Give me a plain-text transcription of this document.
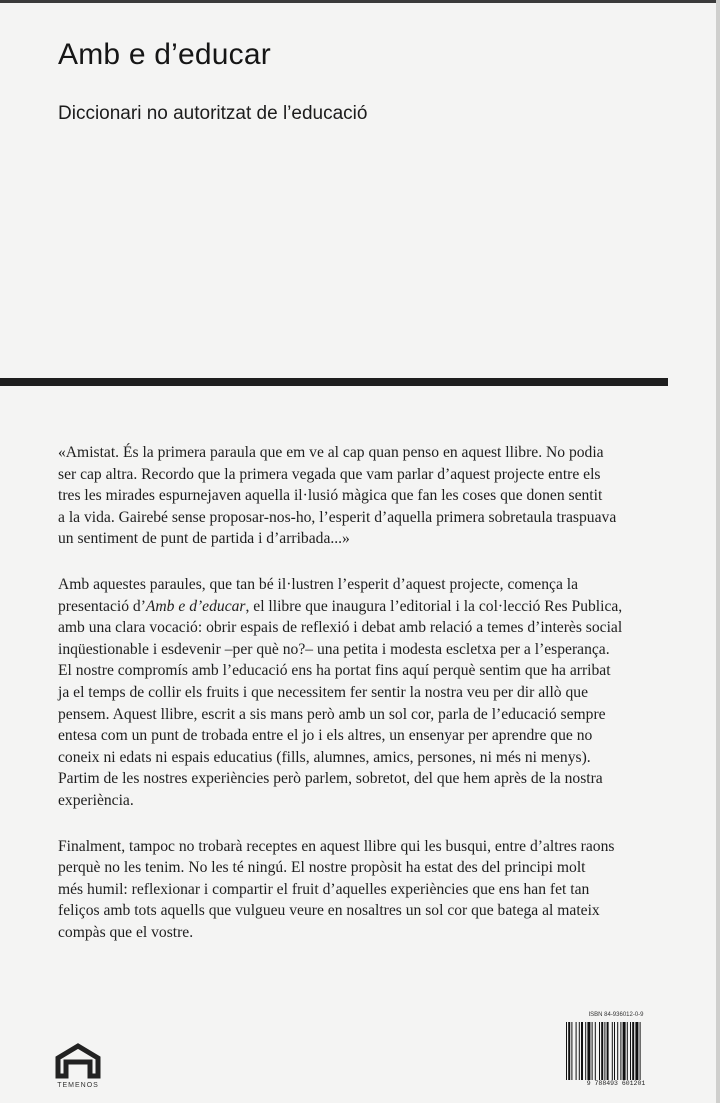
Amb e d’educar
Diccionari no autoritzat de l’educació

«Amistat. És la primera paraula que em ve al cap quan penso en aquest llibre. No podia
ser cap altra. Recordo que la primera vegada que vam parlar d’aquest projecte entre els
tres les mirades espurnejaven aquella il·lusió màgica que fan les coses que donen sentit
a la vida. Gairebé sense proposar-nos-ho, l’esperit d’aquella primera sobretaula traspuava
un sentiment de punt de partida i d’arribada...»

Amb aquestes paraules, que tan bé il·lustren l’esperit d’aquest projecte, comença la
presentació d’Amb e d’educar, el llibre que inaugura l’editorial i la col·lecció Res Publica,
amb una clara vocació: obrir espais de reflexió i debat amb relació a temes d’interès social
inqüestionable i esdevenir –per què no?– una petita i modesta escletxa per a l’esperança.
El nostre compromís amb l’educació ens ha portat fins aquí perquè sentim que ha arribat
ja el temps de collir els fruits i que necessitem fer sentir la nostra veu per dir allò que
pensem. Aquest llibre, escrit a sis mans però amb un sol cor, parla de l’educació sempre
entesa com un punt de trobada entre el jo i els altres, un ensenyar per aprendre que no
coneix ni edats ni espais educatius (fills, alumnes, amics, persones, ni més ni menys).
Partim de les nostres experiències però parlem, sobretot, del que hem après de la nostra
experiència.

Finalment, tampoc no trobarà receptes en aquest llibre qui les busqui, entre d’altres raons
perquè no les tenim. No les té ningú. El nostre propòsit ha estat des del principi molt
més humil: reflexionar i compartir el fruit d’aquelles experiències que ens han fet tan
feliços amb tots aquells que vulgueu veure en nosaltres un sol cor que batega al mateix
compàs que el vostre.

TEMENOS
ISBN 84-936012-0-9
9 788493 601201
